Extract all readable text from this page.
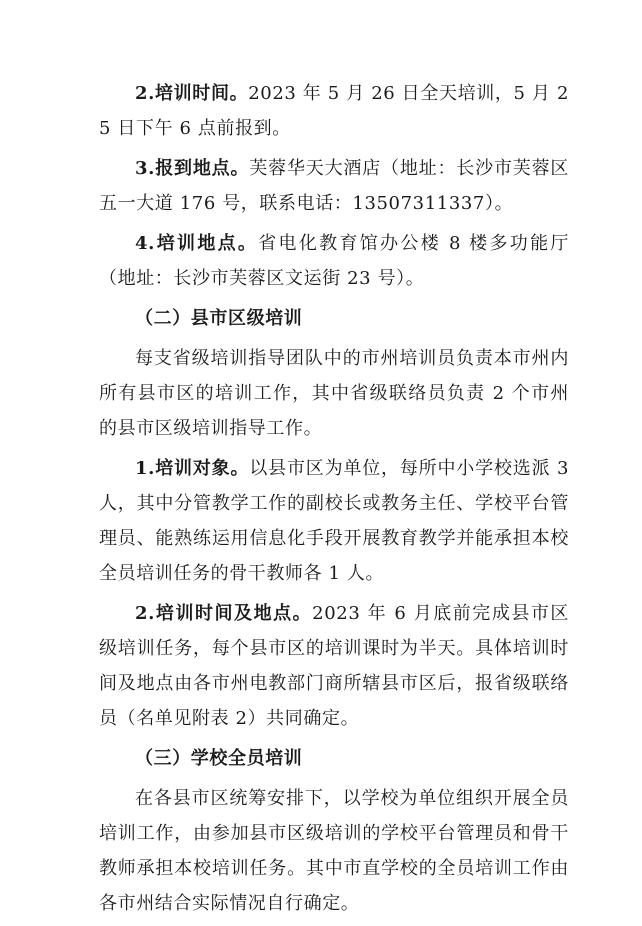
2.培训时间。2023 年 5 月 26 日全天培训，5 月 25 日下午 6 点前报到。

3.报到地点。芙蓉华天大酒店（地址：长沙市芙蓉区五一大道 176 号，联系电话：13507311337）。

4.培训地点。省电化教育馆办公楼 8 楼多功能厅（地址：长沙市芙蓉区文运街 23 号）。

（二）县市区级培训

每支省级培训指导团队中的市州培训员负责本市州内所有县市区的培训工作，其中省级联络员负责 2 个市州的县市区级培训指导工作。

1.培训对象。以县市区为单位，每所中小学校选派 3 人，其中分管教学工作的副校长或教务主任、学校平台管理员、能熟练运用信息化手段开展教育教学并能承担本校全员培训任务的骨干教师各 1 人。

2.培训时间及地点。2023 年 6 月底前完成县市区级培训任务，每个县市区的培训课时为半天。具体培训时间及地点由各市州电教部门商所辖县市区后，报省级联络员（名单见附表 2）共同确定。

（三）学校全员培训

在各县市区统筹安排下，以学校为单位组织开展全员培训工作，由参加县市区级培训的学校平台管理员和骨干教师承担本校培训任务。其中市直学校的全员培训工作由各市州结合实际情况自行确定。
